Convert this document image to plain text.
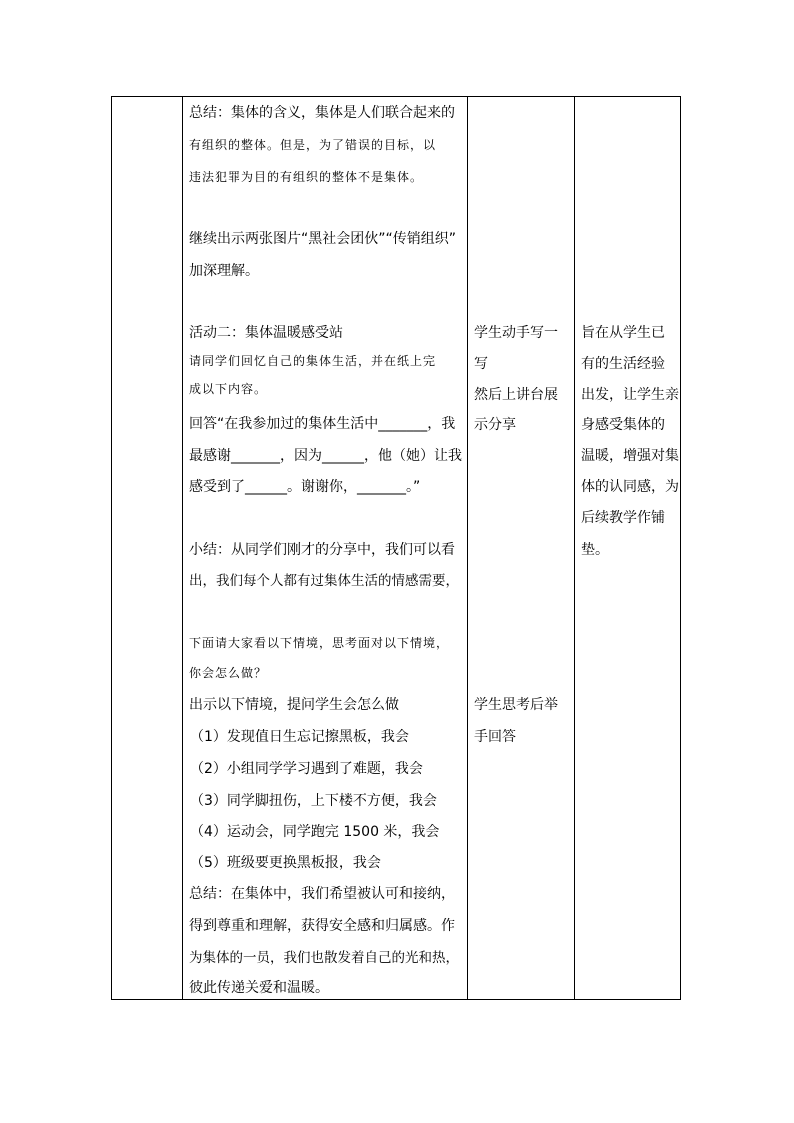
总结：集体的含义，集体是人们联合起来的
有组织的整体。但是，为了错误的目标，以
违法犯罪为目的有组织的整体不是集体。
继续出示两张图片“黑社会团伙”“传销组织”
加深理解。
活动二：集体温暖感受站
请同学们回忆自己的集体生活，并在纸上完
成以下内容。
回答“在我参加过的集体生活中_______，我
最感谢_______，因为______，他（她）让我
感受到了______。谢谢你，_______。”
小结：从同学们刚才的分享中，我们可以看
出，我们每个人都有过集体生活的情感需要，
下面请大家看以下情境，思考面对以下情境，
你会怎么做？
出示以下情境，提问学生会怎么做
（1）发现值日生忘记擦黑板，我会
（2）小组同学学习遇到了难题，我会
（3）同学脚扭伤，上下楼不方便，我会
（4）运动会，同学跑完 1500 米，我会
（5）班级要更换黑板报，我会
总结：在集体中，我们希望被认可和接纳，
得到尊重和理解，获得安全感和归属感。作
为集体的一员，我们也散发着自己的光和热，
彼此传递关爱和温暖。
学生动手写一
写
然后上讲台展
示分享
学生思考后举
手回答
旨在从学生已
有的生活经验
出发，让学生亲
身感受集体的
温暖，增强对集
体的认同感，为
后续教学作铺
垫。
